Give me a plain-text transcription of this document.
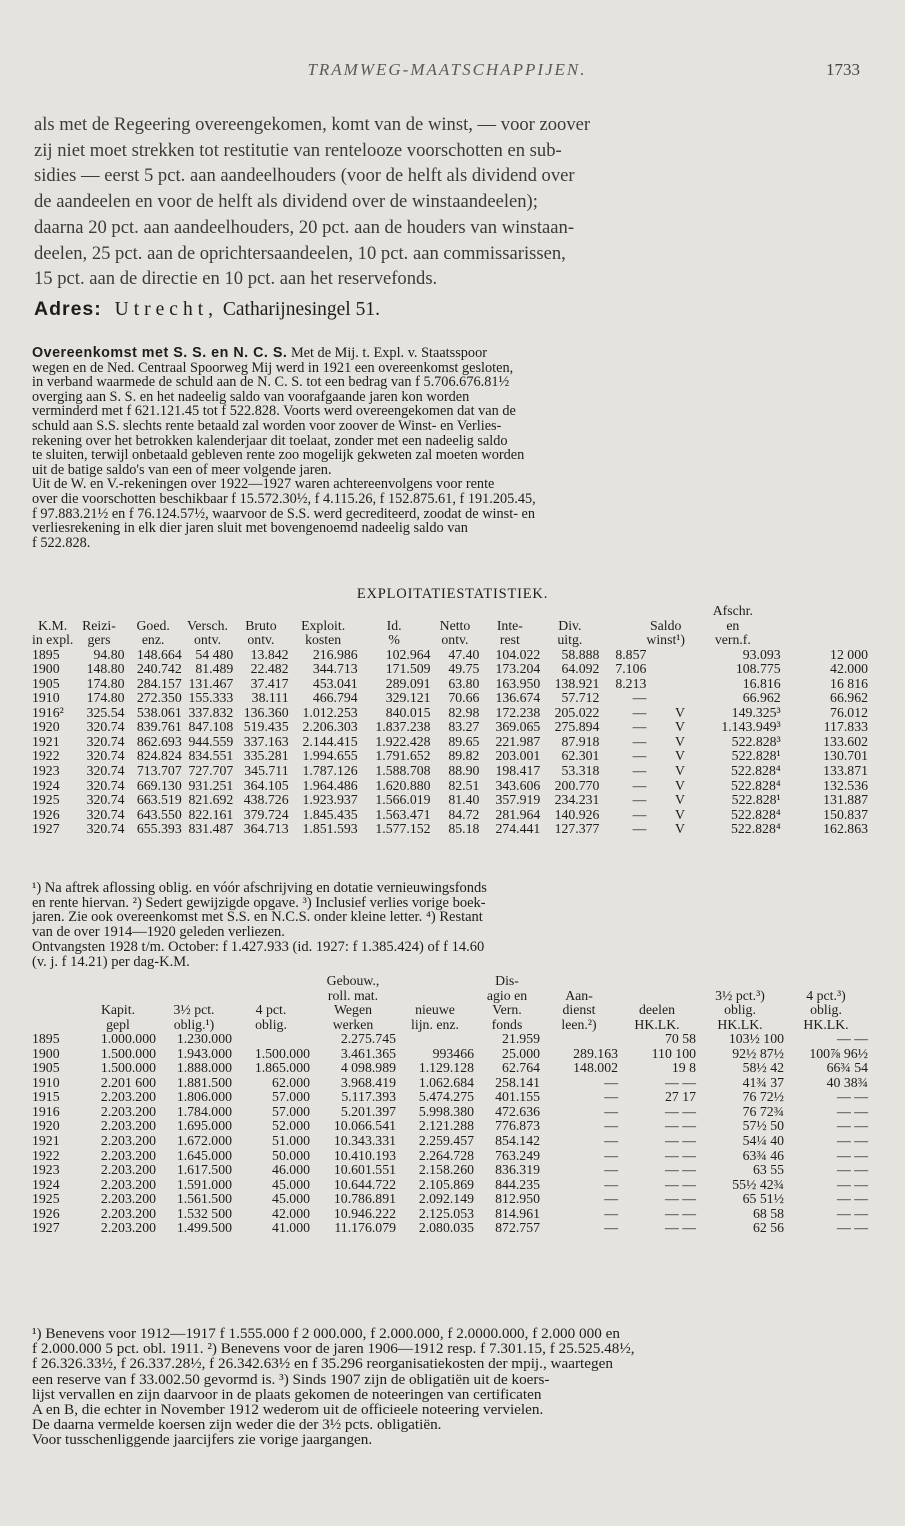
TRAMWEG-MAATSCHAPPIJEN.	1733
als met de Regeering overeengekomen, komt van de winst, — voor zoover
zij niet moet strekken tot restitutie van rentelooze voorschotten en sub-
sidies — eerst 5 pct. aan aandeelhouders (voor de helft als dividend over
de aandeelen en voor de helft als dividend over de winstaandeelen);
daarna 20 pct. aan aandeelhouders, 20 pct. aan de houders van winstaan-
deelen, 25 pct. aan de oprichtersaandeelen, 10 pct. aan commissarissen,
15 pct. aan de directie en 10 pct. aan het reservefonds.
Adres: Utrecht, Catharijnesingel 51.
Overeenkomst met S. S. en N. C. S. Met de Mij. t. Expl. v. Staatsspoor
wegen en de Ned. Centraal Spoorweg Mij werd in 1921 een overeenkomst gesloten,
in verband waarmede de schuld aan de N. C. S. tot een bedrag van f 5.706.676.81½
overging aan S. S. en het nadeelig saldo van voorafgaande jaren kon worden
verminderd met f 621.121.45 tot f 522.828. Voorts werd overeengekomen dat van de
schuld aan S.S. slechts rente betaald zal worden voor zoover de Winst- en Verlies-
rekening over het betrokken kalenderjaar dit toelaat, zonder met een nadeelig saldo
te sluiten, terwijl onbetaald gebleven rente zoo mogelijk gekweten zal moeten worden
uit de batige saldo's van een of meer volgende jaren.
Uit de W. en V.-rekeningen over 1922—1927 waren achtereenvolgens voor rente
over die voorschotten beschikbaar f 15.572.30½, f 4.115.26, f 152.875.61, f 191.205.45,
f 97.883.21½ en f 76.124.57½, waarvoor de S.S. werd gecrediteerd, zoodat de winst- en
verliesrekening in elk dier jaren sluit met bovengenoemd nadeelig saldo van
f 522.828.
EXPLOITATIESTATISTIEK.
												Afschr.	
K.M.	Reizi-	Goed.	Versch.	Bruto	Exploit.	Id.	Netto	Inte-	Div.		Saldo	en	
in expl.	gers	enz.	ontv.	ontv.	kosten	%	ontv.	rest	uitg.		winst¹)	vern.f.	
1895	94.80	148.664	54 480	13.842	216.986	102.964	47.40	104.022	58.888	8.857		93.093	12 000
1900	148.80	240.742	81.489	22.482	344.713	171.509	49.75	173.204	64.092	7.106		108.775	42.000
1905	174.80	284.157	131.467	37.417	453.041	289.091	63.80	163.950	138.921	8.213		16.816	16 816
1910	174.80	272.350	155.333	38.111	466.794	329.121	70.66	136.674	57.712	—		66.962	66.962
1916²	325.54	538.061	337.832	136.360	1.012.253	840.015	82.98	172.238	205.022	—	V	149.325³	76.012
1920	320.74	839.761	847.108	519.435	2.206.303	1.837.238	83.27	369.065	275.894	—	V	1.143.949³	117.833
1921	320.74	862.693	944.559	337.163	2.144.415	1.922.428	89.65	221.987	87.918	—	V	522.828³	133.602
1922	320.74	824.824	834.551	335.281	1.994.655	1.791.652	89.82	203.001	62.301	—	V	522.828¹	130.701
1923	320.74	713.707	727.707	345.711	1.787.126	1.588.708	88.90	198.417	53.318	—	V	522.828⁴	133.871
1924	320.74	669.130	931.251	364.105	1.964.486	1.620.880	82.51	343.606	200.770	—	V	522.828⁴	132.536
1925	320.74	663.519	821.692	438.726	1.923.937	1.566.019	81.40	357.919	234.231	—	V	522.828¹	131.887
1926	320.74	643.550	822.161	379.724	1.845.435	1.563.471	84.72	281.964	140.926	—	V	522.828⁴	150.837
1927	320.74	655.393	831.487	364.713	1.851.593	1.577.152	85.18	274.441	127.377	—	V	522.828⁴	162.863
¹) Na aftrek aflossing oblig. en vóór afschrijving en dotatie vernieuwingsfonds
en rente hiervan. ²) Sedert gewijzigde opgave. ³) Inclusief verlies vorige boek-
jaren. Zie ook overeenkomst met S.S. en N.C.S. onder kleine letter. ⁴) Restant
van de over 1914—1920 geleden verliezen.
Ontvangsten 1928 t/m. October: f 1.427.933 (id. 1927: f 1.385.424) of f 14.60
(v. j. f 14.21) per dag-K.M.
				Gebouw.,		Dis-				
				roll. mat.		agio en	Aan-		3½ pct.³)	4 pct.³)
	Kapit.	3½ pct.	4 pct.	Wegen	nieuwe	Vern.	dienst	deelen	oblig.	oblig.
	gepl	oblig.¹)	oblig.	werken	lijn. enz.	fonds	leen.²)	HK.LK.	HK.LK.	HK.LK.
1895	1.000.000	1.230.000		2.275.745		21.959		70 58	103½ 100	— —
1900	1.500.000	1.943.000	1.500.000	3.461.365	993466	25.000	289.163	110 100	92½ 87½	100⅞ 96½
1905	1.500.000	1.888.000	1.865.000	4 098.989	1.129.128	62.764	148.002	19 8	58½ 42	66¾ 54
1910	2.201 600	1.881.500	62.000	3.968.419	1.062.684	258.141	—	— —	41¾ 37	40 38¾
1915	2.203.200	1.806.000	57.000	5.117.393	5.474.275	401.155	—	27 17	76 72½	— —
1916	2.203.200	1.784.000	57.000	5.201.397	5.998.380	472.636	—	— —	76 72¾	— —
1920	2.203.200	1.695.000	52.000	10.066.541	2.121.288	776.873	—	— —	57½ 50	— —
1921	2.203.200	1.672.000	51.000	10.343.331	2.259.457	854.142	—	— —	54¼ 40	— —
1922	2.203.200	1.645.000	50.000	10.410.193	2.264.728	763.249	—	— —	63¾ 46	— —
1923	2.203.200	1.617.500	46.000	10.601.551	2.158.260	836.319	—	— —	63 55	— —
1924	2.203.200	1.591.000	45.000	10.644.722	2.105.869	844.235	—	— —	55½ 42¾	— —
1925	2.203.200	1.561.500	45.000	10.786.891	2.092.149	812.950	—	— —	65 51½	— —
1926	2.203.200	1.532 500	42.000	10.946.222	2.125.053	814.961	—	— —	68 58	— —
1927	2.203.200	1.499.500	41.000	11.176.079	2.080.035	872.757	—	— —	62 56	— —
¹) Benevens voor 1912—1917 f 1.555.000 f 2 000.000, f 2.000.000, f 2.0000.000, f 2.000 000 en
f 2.000.000 5 pct. obl. 1911. ²) Benevens voor de jaren 1906—1912 resp. f 7.301.15, f 25.525.48½,
f 26.326.33½, f 26.337.28½, f 26.342.63½ en f 35.296 reorganisatiekosten der mpij., waartegen
een reserve van f 33.002.50 gevormd is. ³) Sinds 1907 zijn de obligatiën uit de koers-
lijst vervallen en zijn daarvoor in de plaats gekomen de noteeringen van certificaten
A en B, die echter in November 1912 wederom uit de officieele noteering vervielen.
De daarna vermelde koersen zijn weder die der 3½ pcts. obligatiën.
Voor tusschenliggende jaarcijfers zie vorige jaargangen.
